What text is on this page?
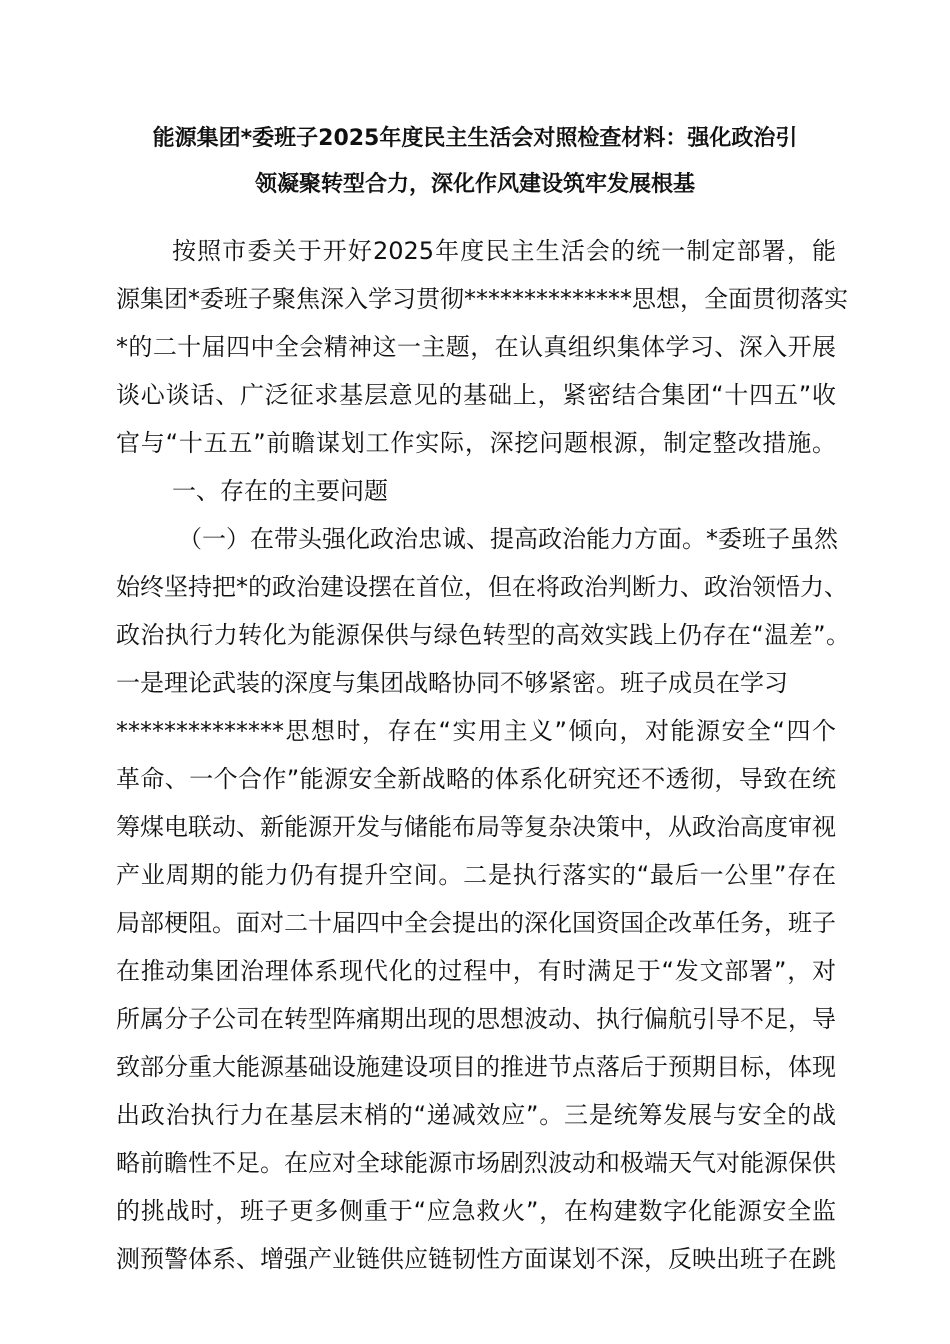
能源集团*委班子2025年度民主生活会对照检查材料：强化政治引
领凝聚转型合力，深化作风建设筑牢发展根基

按照市委关于开好2025年度民主生活会的统一制定部署，能

源集团*委班子聚焦深入学习贯彻**************思想，全面贯彻落实

*的二十届四中全会精神这一主题，在认真组织集体学习、深入开展

谈心谈话、广泛征求基层意见的基础上，紧密结合集团“十四五”收

官与“十五五”前瞻谋划工作实际，深挖问题根源，制定整改措施。

一、存在的主要问题

（一）在带头强化政治忠诚、提高政治能力方面。*委班子虽然

始终坚持把*的政治建设摆在首位，但在将政治判断力、政治领悟力、

政治执行力转化为能源保供与绿色转型的高效实践上仍存在“温差”。

一是理论武装的深度与集团战略协同不够紧密。班子成员在学习

**************思想时，存在“实用主义”倾向，对能源安全“四个

革命、一个合作”能源安全新战略的体系化研究还不透彻，导致在统

筹煤电联动、新能源开发与储能布局等复杂决策中，从政治高度审视

产业周期的能力仍有提升空间。二是执行落实的“最后一公里”存在

局部梗阻。面对二十届四中全会提出的深化国资国企改革任务，班子

在推动集团治理体系现代化的过程中，有时满足于“发文部署”，对

所属分子公司在转型阵痛期出现的思想波动、执行偏航引导不足，导

致部分重大能源基础设施建设项目的推进节点落后于预期目标，体现

出政治执行力在基层末梢的“递减效应”。三是统筹发展与安全的战

略前瞻性不足。在应对全球能源市场剧烈波动和极端天气对能源保供

的挑战时，班子更多侧重于“应急救火”，在构建数字化能源安全监

测预警体系、增强产业链供应链韧性方面谋划不深，反映出班子在跳
